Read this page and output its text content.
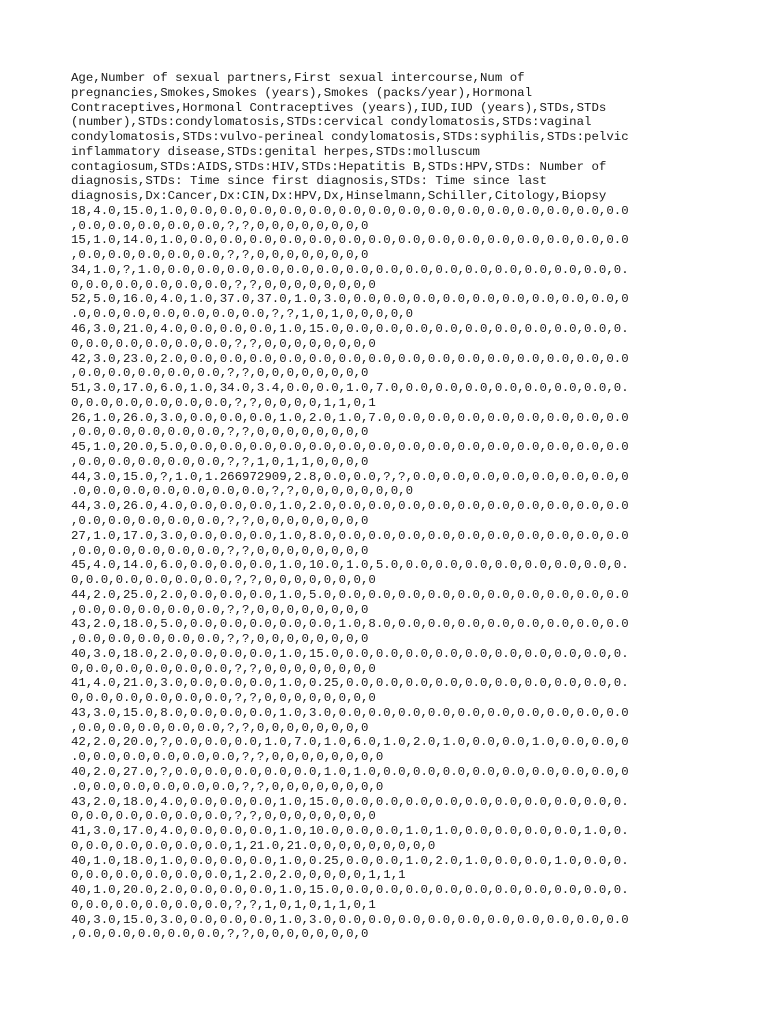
Age,Number of sexual partners,First sexual intercourse,Num of
pregnancies,Smokes,Smokes (years),Smokes (packs/year),Hormonal
Contraceptives,Hormonal Contraceptives (years),IUD,IUD (years),STDs,STDs
(number),STDs:condylomatosis,STDs:cervical condylomatosis,STDs:vaginal
condylomatosis,STDs:vulvo-perineal condylomatosis,STDs:syphilis,STDs:pelvic
inflammatory disease,STDs:genital herpes,STDs:molluscum
contagiosum,STDs:AIDS,STDs:HIV,STDs:Hepatitis B,STDs:HPV,STDs: Number of
diagnosis,STDs: Time since first diagnosis,STDs: Time since last
diagnosis,Dx:Cancer,Dx:CIN,Dx:HPV,Dx,Hinselmann,Schiller,Citology,Biopsy
18,4.0,15.0,1.0,0.0,0.0,0.0,0.0,0.0,0.0,0.0,0.0,0.0,0.0,0.0,0.0,0.0,0.0,0.0
,0.0,0.0,0.0,0.0,0.0,?,?,0,0,0,0,0,0,0,0
15,1.0,14.0,1.0,0.0,0.0,0.0,0.0,0.0,0.0,0.0,0.0,0.0,0.0,0.0,0.0,0.0,0.0,0.0
,0.0,0.0,0.0,0.0,0.0,?,?,0,0,0,0,0,0,0,0
34,1.0,?,1.0,0.0,0.0,0.0,0.0,0.0,0.0,0.0,0.0,0.0,0.0,0.0,0.0,0.0,0.0,0.0,0.
0,0.0,0.0,0.0,0.0,0.0,?,?,0,0,0,0,0,0,0,0
52,5.0,16.0,4.0,1.0,37.0,37.0,1.0,3.0,0.0,0.0,0.0,0.0,0.0,0.0,0.0,0.0,0.0,0
.0,0.0,0.0,0.0,0.0,0.0,0.0,?,?,1,0,1,0,0,0,0,0
46,3.0,21.0,4.0,0.0,0.0,0.0,1.0,15.0,0.0,0.0,0.0,0.0,0.0,0.0,0.0,0.0,0.0,0.
0,0.0,0.0,0.0,0.0,0.0,?,?,0,0,0,0,0,0,0,0
42,3.0,23.0,2.0,0.0,0.0,0.0,0.0,0.0,0.0,0.0,0.0,0.0,0.0,0.0,0.0,0.0,0.0,0.0
,0.0,0.0,0.0,0.0,0.0,?,?,0,0,0,0,0,0,0,0
51,3.0,17.0,6.0,1.0,34.0,3.4,0.0,0.0,1.0,7.0,0.0,0.0,0.0,0.0,0.0,0.0,0.0,0.
0,0.0,0.0,0.0,0.0,0.0,?,?,0,0,0,0,1,1,0,1
26,1.0,26.0,3.0,0.0,0.0,0.0,1.0,2.0,1.0,7.0,0.0,0.0,0.0,0.0,0.0,0.0,0.0,0.0
,0.0,0.0,0.0,0.0,0.0,?,?,0,0,0,0,0,0,0,0
45,1.0,20.0,5.0,0.0,0.0,0.0,0.0,0.0,0.0,0.0,0.0,0.0,0.0,0.0,0.0,0.0,0.0,0.0
,0.0,0.0,0.0,0.0,0.0,?,?,1,0,1,1,0,0,0,0
44,3.0,15.0,?,1.0,1.266972909,2.8,0.0,0.0,?,?,0.0,0.0,0.0,0.0,0.0,0.0,0.0,0
.0,0.0,0.0,0.0,0.0,0.0,0.0,?,?,0,0,0,0,0,0,0,0
44,3.0,26.0,4.0,0.0,0.0,0.0,1.0,2.0,0.0,0.0,0.0,0.0,0.0,0.0,0.0,0.0,0.0,0.0
,0.0,0.0,0.0,0.0,0.0,?,?,0,0,0,0,0,0,0,0
27,1.0,17.0,3.0,0.0,0.0,0.0,1.0,8.0,0.0,0.0,0.0,0.0,0.0,0.0,0.0,0.0,0.0,0.0
,0.0,0.0,0.0,0.0,0.0,?,?,0,0,0,0,0,0,0,0
45,4.0,14.0,6.0,0.0,0.0,0.0,1.0,10.0,1.0,5.0,0.0,0.0,0.0,0.0,0.0,0.0,0.0,0.
0,0.0,0.0,0.0,0.0,0.0,?,?,0,0,0,0,0,0,0,0
44,2.0,25.0,2.0,0.0,0.0,0.0,1.0,5.0,0.0,0.0,0.0,0.0,0.0,0.0,0.0,0.0,0.0,0.0
,0.0,0.0,0.0,0.0,0.0,?,?,0,0,0,0,0,0,0,0
43,2.0,18.0,5.0,0.0,0.0,0.0,0.0,0.0,1.0,8.0,0.0,0.0,0.0,0.0,0.0,0.0,0.0,0.0
,0.0,0.0,0.0,0.0,0.0,?,?,0,0,0,0,0,0,0,0
40,3.0,18.0,2.0,0.0,0.0,0.0,1.0,15.0,0.0,0.0,0.0,0.0,0.0,0.0,0.0,0.0,0.0,0.
0,0.0,0.0,0.0,0.0,0.0,?,?,0,0,0,0,0,0,0,0
41,4.0,21.0,3.0,0.0,0.0,0.0,1.0,0.25,0.0,0.0,0.0,0.0,0.0,0.0,0.0,0.0,0.0,0.
0,0.0,0.0,0.0,0.0,0.0,?,?,0,0,0,0,0,0,0,0
43,3.0,15.0,8.0,0.0,0.0,0.0,1.0,3.0,0.0,0.0,0.0,0.0,0.0,0.0,0.0,0.0,0.0,0.0
,0.0,0.0,0.0,0.0,0.0,?,?,0,0,0,0,0,0,0,0
42,2.0,20.0,?,0.0,0.0,0.0,1.0,7.0,1.0,6.0,1.0,2.0,1.0,0.0,0.0,1.0,0.0,0.0,0
.0,0.0,0.0,0.0,0.0,0.0,?,?,0,0,0,0,0,0,0,0
40,2.0,27.0,?,0.0,0.0,0.0,0.0,0.0,1.0,1.0,0.0,0.0,0.0,0.0,0.0,0.0,0.0,0.0,0
.0,0.0,0.0,0.0,0.0,0.0,?,?,0,0,0,0,0,0,0,0
43,2.0,18.0,4.0,0.0,0.0,0.0,1.0,15.0,0.0,0.0,0.0,0.0,0.0,0.0,0.0,0.0,0.0,0.
0,0.0,0.0,0.0,0.0,0.0,?,?,0,0,0,0,0,0,0,0
41,3.0,17.0,4.0,0.0,0.0,0.0,1.0,10.0,0.0,0.0,1.0,1.0,0.0,0.0,0.0,0.0,1.0,0.
0,0.0,0.0,0.0,0.0,0.0,1,21.0,21.0,0,0,0,0,0,0,0,0
40,1.0,18.0,1.0,0.0,0.0,0.0,1.0,0.25,0.0,0.0,1.0,2.0,1.0,0.0,0.0,1.0,0.0,0.
0,0.0,0.0,0.0,0.0,0.0,1,2.0,2.0,0,0,0,0,1,1,1
40,1.0,20.0,2.0,0.0,0.0,0.0,1.0,15.0,0.0,0.0,0.0,0.0,0.0,0.0,0.0,0.0,0.0,0.
0,0.0,0.0,0.0,0.0,0.0,?,?,1,0,1,0,1,1,0,1
40,3.0,15.0,3.0,0.0,0.0,0.0,1.0,3.0,0.0,0.0,0.0,0.0,0.0,0.0,0.0,0.0,0.0,0.0
,0.0,0.0,0.0,0.0,0.0,?,?,0,0,0,0,0,0,0,0
